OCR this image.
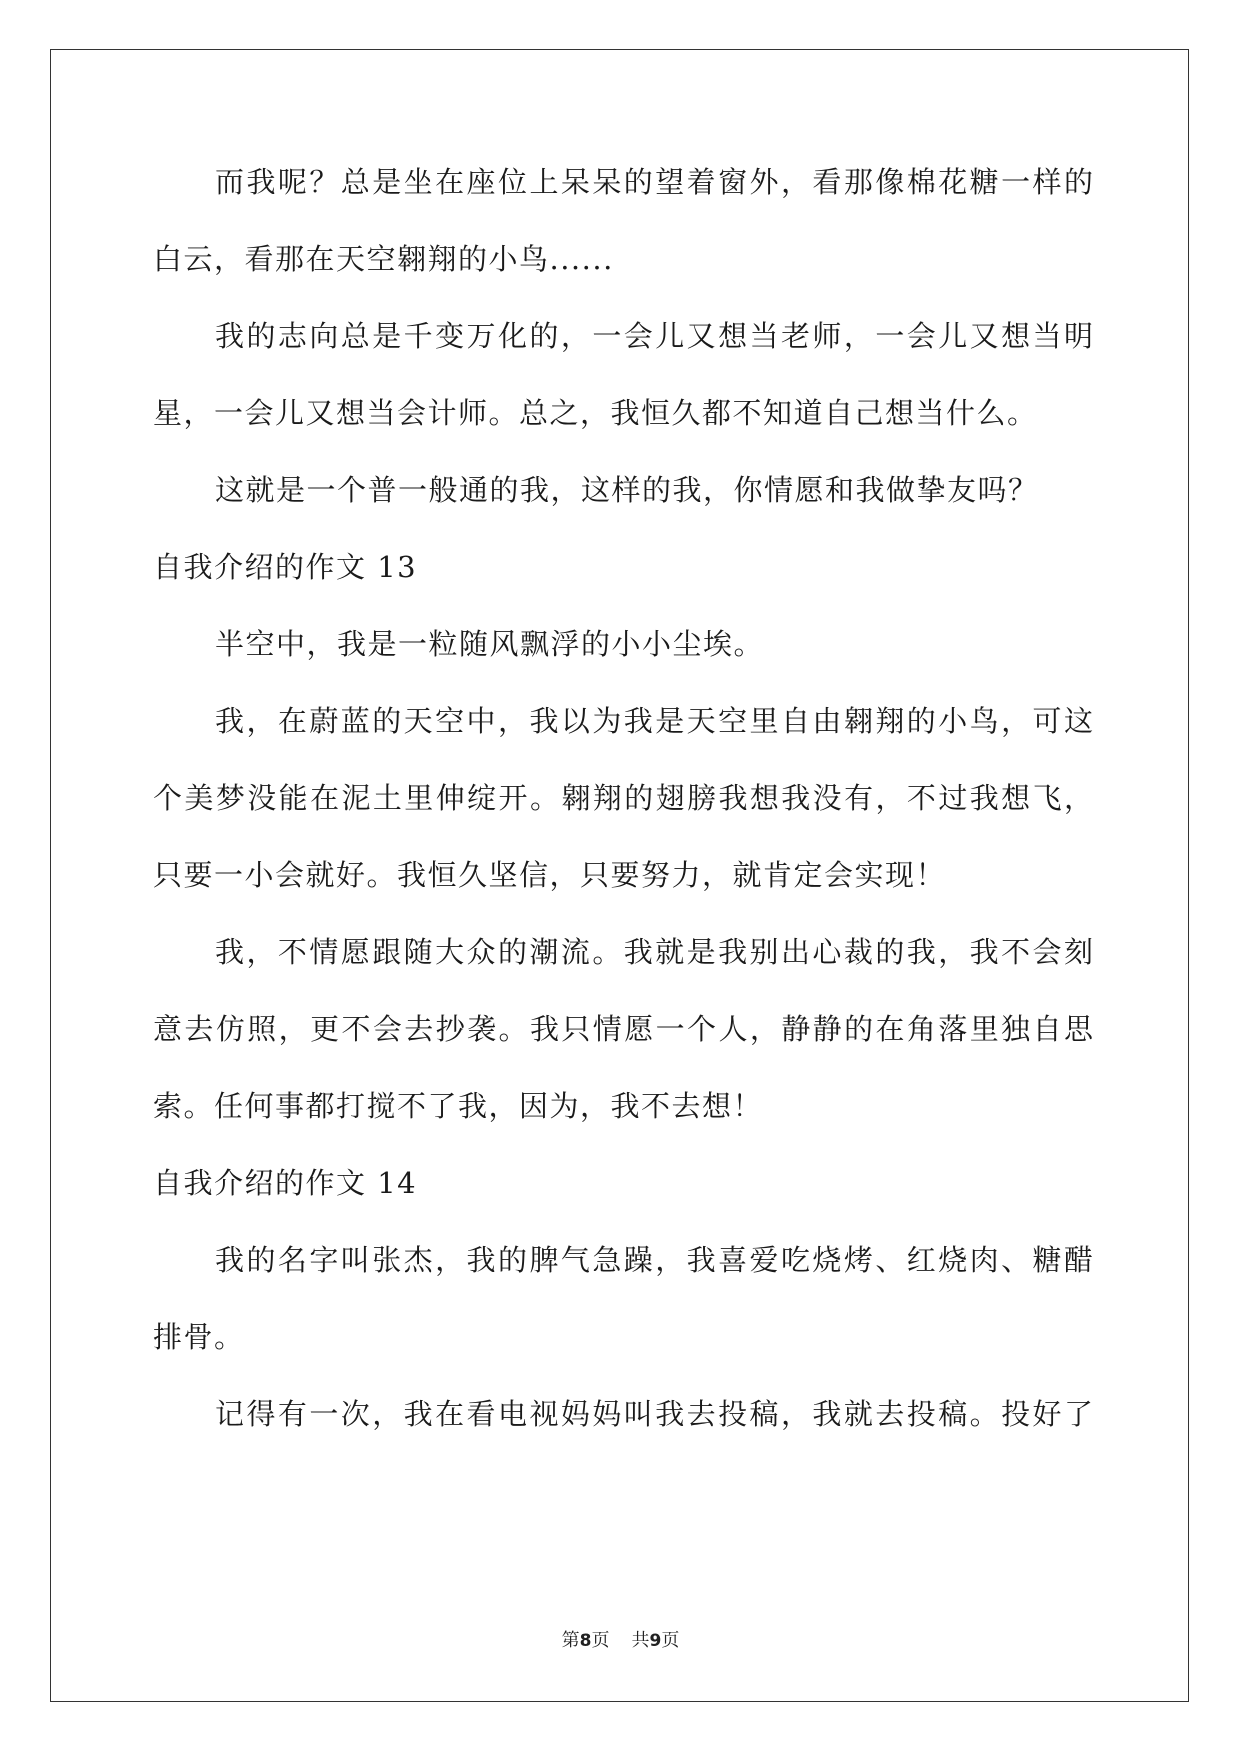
而我呢？总是坐在座位上呆呆的望着窗外，看那像棉花糖一样的
白云，看那在天空翱翔的小鸟......
我的志向总是千变万化的，一会儿又想当老师，一会儿又想当明
星，一会儿又想当会计师。总之，我恒久都不知道自己想当什么。
这就是一个普一般通的我，这样的我，你情愿和我做挚友吗？
自我介绍的作文 13
半空中，我是一粒随风飘浮的小小尘埃。
我，在蔚蓝的天空中，我以为我是天空里自由翱翔的小鸟，可这
个美梦没能在泥土里伸绽开。翱翔的翅膀我想我没有，不过我想飞，
只要一小会就好。我恒久坚信，只要努力，就肯定会实现！
我，不情愿跟随大众的潮流。我就是我别出心裁的我，我不会刻
意去仿照，更不会去抄袭。我只情愿一个人，静静的在角落里独自思
索。任何事都打搅不了我，因为，我不去想！
自我介绍的作文 14
我的名字叫张杰，我的脾气急躁，我喜爱吃烧烤、红烧肉、糖醋
排骨。
记得有一次，我在看电视妈妈叫我去投稿，我就去投稿。投好了
第8页 共9页
